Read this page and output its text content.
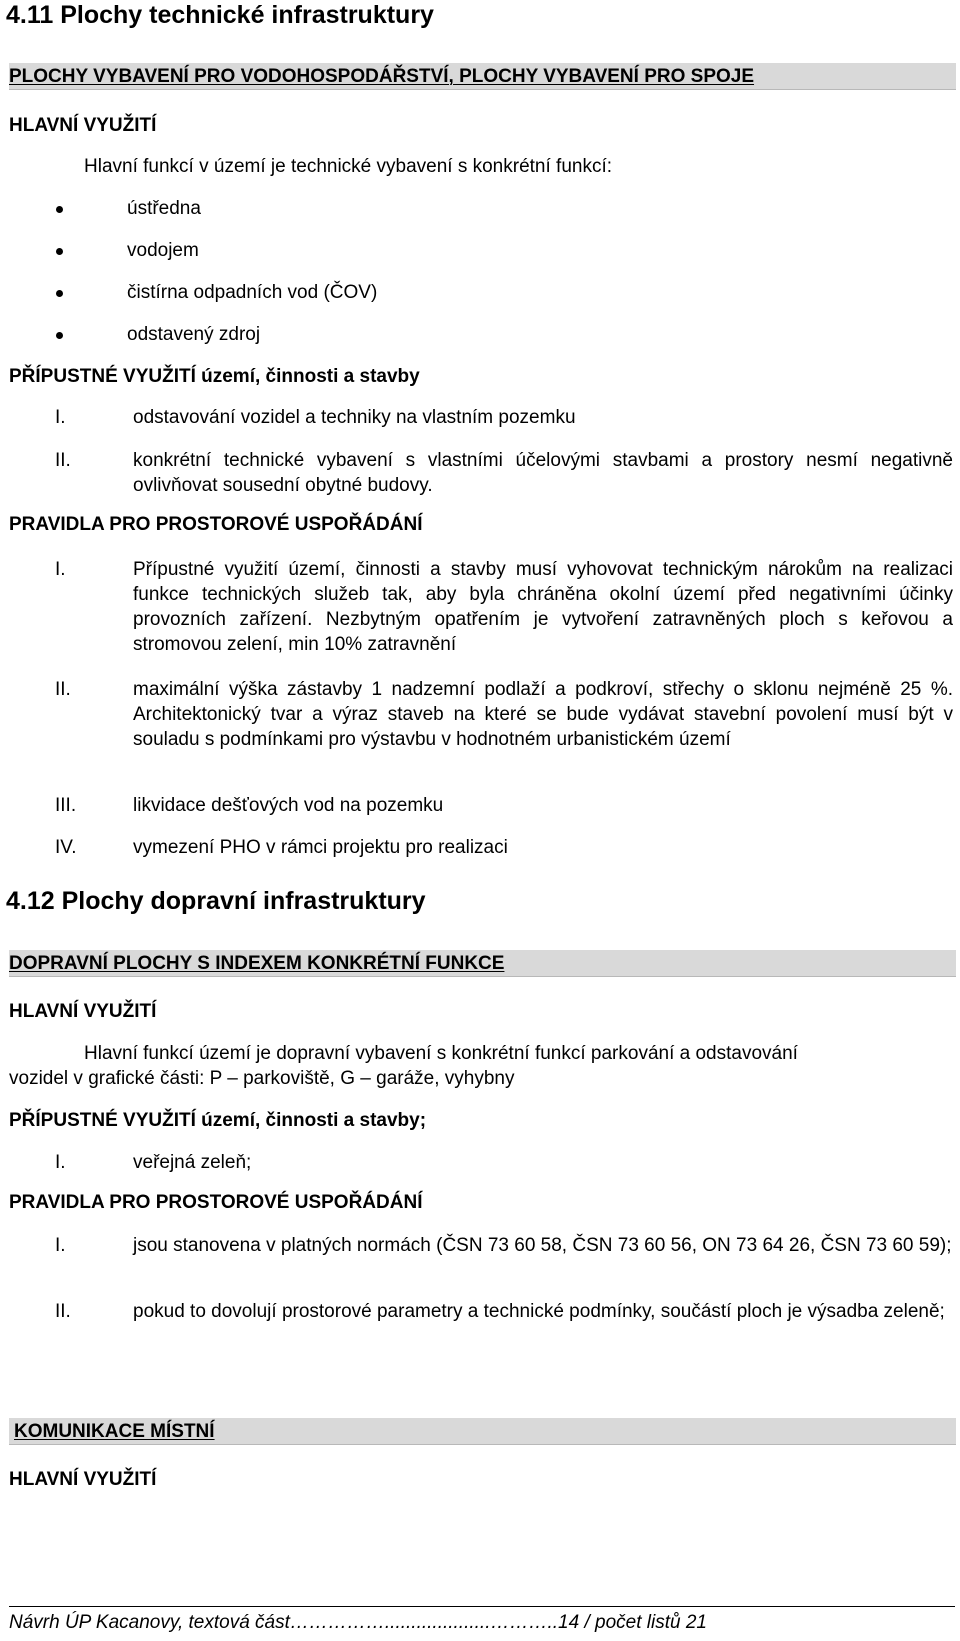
4.11 Plochy technické infrastruktury
PLOCHY VYBAVENÍ PRO VODOHOSPODÁŘSTVÍ, PLOCHY VYBAVENÍ PRO SPOJE
HLAVNÍ VYUŽITÍ
Hlavní funkcí v území je technické vybavení s konkrétní funkcí:
ústředna
vodojem
čistírna odpadních vod (ČOV)
odstavený zdroj
PŘÍPUSTNÉ VYUŽITÍ území, činnosti a stavby
I.	odstavování vozidel a techniky na vlastním pozemku
II.	konkrétní technické vybavení s vlastními účelovými stavbami a prostory nesmí negativně ovlivňovat sousední obytné budovy.
PRAVIDLA PRO PROSTOROVÉ USPOŘÁDÁNÍ
I.	Přípustné využití území, činnosti a stavby musí vyhovovat technickým nárokům na realizaci funkce technických služeb tak, aby byla chráněna okolní území před negativními účinky provozních zařízení. Nezbytným opatřením je vytvoření zatravněných ploch s keřovou a stromovou zelení, min 10% zatravnění
II.	maximální výška zástavby 1 nadzemní podlaží a podkroví, střechy o sklonu nejméně 25 %. Architektonický tvar a výraz staveb na které se bude vydávat stavební povolení musí být v souladu s podmínkami pro výstavbu v hodnotném urbanistickém území
III.	likvidace dešťových vod na pozemku
IV.	vymezení PHO v rámci projektu pro realizaci
4.12 Plochy dopravní infrastruktury
DOPRAVNÍ PLOCHY S INDEXEM KONKRÉTNÍ FUNKCE
HLAVNÍ VYUŽITÍ
Hlavní funkcí území je dopravní vybavení s konkrétní funkcí parkování a odstavování
vozidel v grafické části: P – parkoviště, G – garáže, vyhybny
PŘÍPUSTNÉ VYUŽITÍ území, činnosti a stavby;
I.	veřejná zeleň;
PRAVIDLA PRO PROSTOROVÉ USPOŘÁDÁNÍ
I.	jsou stanovena v platných normách (ČSN 73 60 58, ČSN 73 60 56, ON 73 64 26, ČSN 73 60 59);
II.	pokud to dovolují prostorové parametry a technické podmínky, součástí ploch je výsadba zeleně;
KOMUNIKACE MÍSTNÍ
HLAVNÍ VYUŽITÍ
Návrh ÚP Kacanovy, textová část……………....................………..14 / počet listů 21
